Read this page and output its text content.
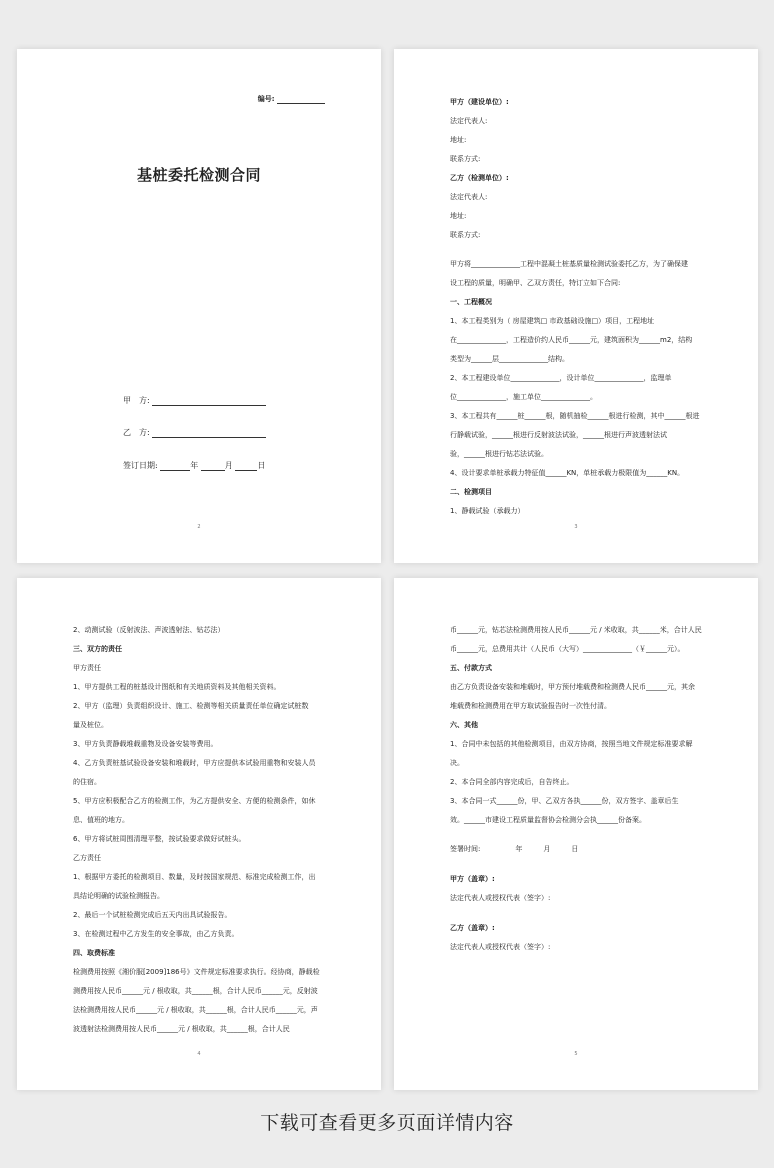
编号:
基桩委托检测合同
甲　方:
乙　方:
签订日期:	年	月	日
2
甲方（建设单位）:
法定代表人:
地址:
联系方式:
乙方（检测单位）:
法定代表人:
地址:
联系方式:
甲方将______________工程中混凝土桩基质量检测试验委托乙方，为了确保建
设工程的质量，明确甲、乙双方责任，特订立如下合同:
一、工程概况
1、本工程类别为（ 房屋建筑□ 市政基础设施□）项目，工程地址
在______________，工程造价约人民币______元，建筑面积为______m2，结构
类型为______层______________结构。
2、本工程建设单位______________，设计单位______________，监理单
位______________，施工单位______________。
3、本工程共有______桩______根，随机抽检______根进行检测，其中______根进
行静载试验，______根进行反射波法试验，______根进行声波透射法试
验，______根进行钻芯法试验。
4、设计要求单桩承载力特征值______KN，单桩承载力极限值为______KN。
二、检测项目
1、静载试验（承载力）
3
2、动测试验（反射波法、声波透射法、钻芯法）
三、双方的责任
甲方责任
1、甲方提供工程的桩基设计图纸和有关地质资料及其他相关资料。
2、甲方（监理）负责组织设计、施工、检测等相关质量责任单位确定试桩数
量及桩位。
3、甲方负责静载堆载重物及设备安装等费用。
4、乙方负责桩基试验设备安装和堆载时，甲方应提供本试验用重物和安装人员
的住宿。
5、甲方应积极配合乙方的检测工作，为乙方提供安全、方便的检测条件，如休
息、值班的地方。
6、甲方将试桩周围清理平整，按试验要求做好试桩头。
乙方责任
1、根据甲方委托的检测项目、数量，及时按国家规范、标准完成检测工作，出
具结论明确的试验检测报告。
2、最后一个试桩检测完成后五天内出具试验报告。
3、在检测过程中乙方发生的安全事故，由乙方负责。
四、取费标准
检测费用按照《湘价服[2009]186号》文件规定标准要求执行。经协商，静载检
测费用按人民币______元 / 根收取，共______根，合计人民币______元，反射波
法检测费用按人民币______元 / 根收取，共______根，合计人民币______元，声
波透射法检测费用按人民币______元 / 根收取，共______根，合计人民
4
币______元，钻芯法检测费用按人民币______元 / 米收取，共______米，合计人民
币______元，总费用共计（人民币（大写）______________（￥______元）。
五、付款方式
由乙方负责设备安装和堆载时，甲方预付堆载费和检测费人民币______元，其余
堆载费和检测费用在甲方取试验报告时一次性付清。
六、其他
1、合同中未包括的其他检测项目，由双方协商，按照当地文件规定标准要求解
决。
2、本合同全部内容完成后，自告终止。
3、本合同一式______份，甲、乙双方各执______份，双方签字、盖章后生
效。______市建设工程质量监督协会检测分会执______份备案。
签署时间:　　　　　年　　　月　　　日
甲方（盖章）:
法定代表人或授权代表（签字）:
乙方（盖章）:
法定代表人或授权代表（签字）:
5
下载可查看更多页面详情内容
